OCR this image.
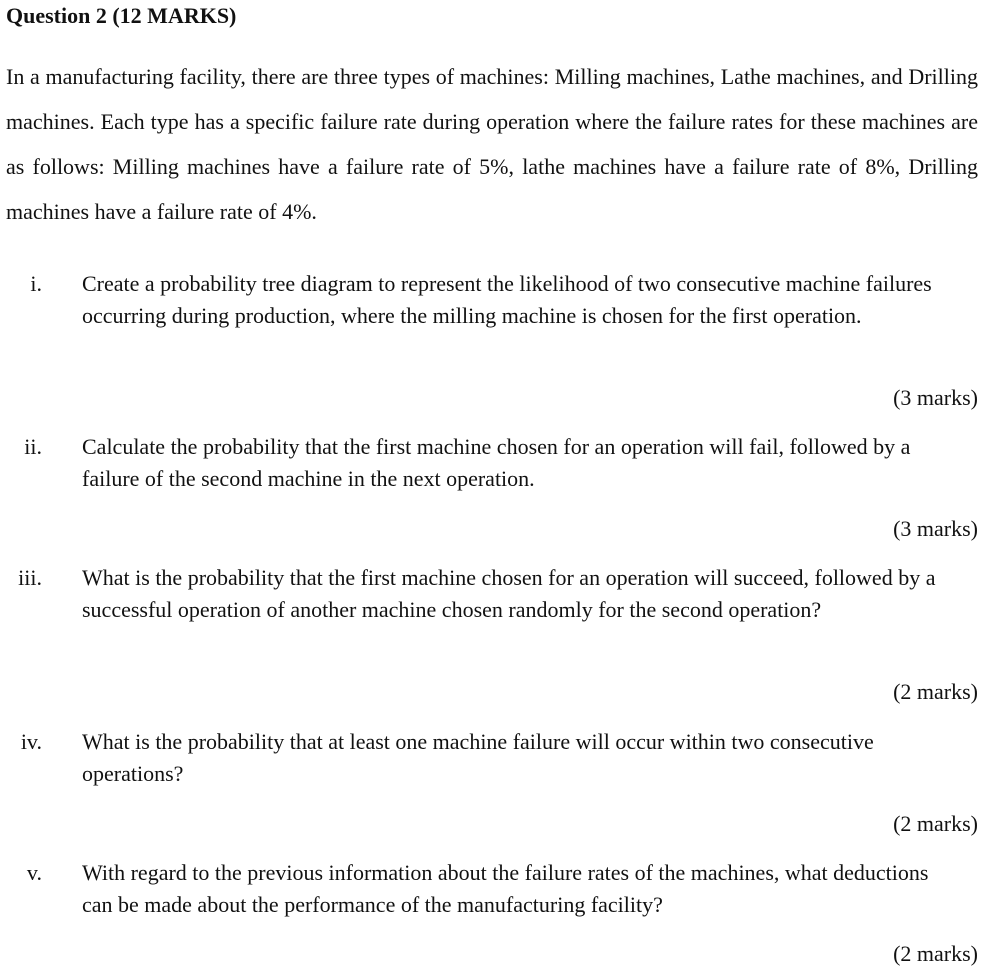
Question 2 (12 MARKS)

In a manufacturing facility, there are three types of machines: Milling machines, Lathe machines, and Drilling machines. Each type has a specific failure rate during operation where the failure rates for these machines are as follows: Milling machines have a failure rate of 5%, lathe machines have a failure rate of 8%, Drilling machines have a failure rate of 4%.

i. Create a probability tree diagram to represent the likelihood of two consecutive machine failures occurring during production, where the milling machine is chosen for the first operation.

(3 marks)
ii. Calculate the probability that the first machine chosen for an operation will fail, followed by a failure of the second machine in the next operation.

(3 marks)
iii. What is the probability that the first machine chosen for an operation will succeed, followed by a successful operation of another machine chosen randomly for the second operation?

(2 marks)
iv. What is the probability that at least one machine failure will occur within two consecutive operations?

(2 marks)
v. With regard to the previous information about the failure rates of the machines, what deductions can be made about the performance of the manufacturing facility?

(2 marks)
